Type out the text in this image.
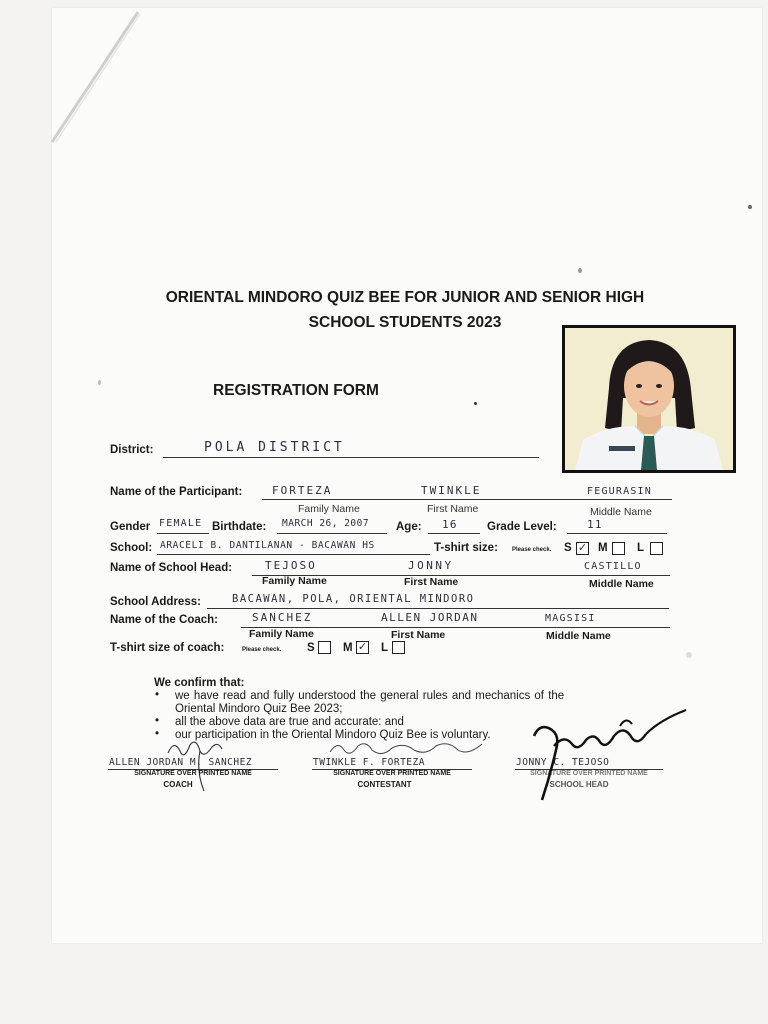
ORIENTAL MINDORO QUIZ BEE FOR JUNIOR AND SENIOR HIGH
SCHOOL STUDENTS 2023
REGISTRATION FORM
District:	POLA DISTRICT
Name of the Participant:	FORTEZA	TWINKLE	FEGURASIN
Family Name	First Name	Middle Name
Gender FEMALE Birthdate: MARCH 26, 2007 Age: 16	Grade Level:	11
School: ARACELI B. DANTILANAN - BACAWAN HS	T-shirt size: Please check. S ✓ M	L
Name of School Head:	TEJOSO	JONNY	CASTILLO
Family Name	First Name	Middle Name
School Address:	BACAWAN, POLA, ORIENTAL MINDORO
Name of the Coach:	SANCHEZ	ALLEN JORDAN	MAGSISI
Family Name	First Name	Middle Name
T-shirt size of coach:	Please check. S M ✓ L
We confirm that:
• we have read and fully understood the general rules and mechanics of the
Oriental Mindoro Quiz Bee 2023;
• all the above data are true and accurate: and
• our participation in the Oriental Mindoro Quiz Bee is voluntary.
ALLEN JORDAN M. SANCHEZ
SIGNATURE OVER PRINTED NAME
COACH
TWINKLE F. FORTEZA
SIGNATURE OVER PRINTED NAME
CONTESTANT
JONNY C. TEJOSO
SIGNATURE OVER PRINTED NAME
SCHOOL HEAD
